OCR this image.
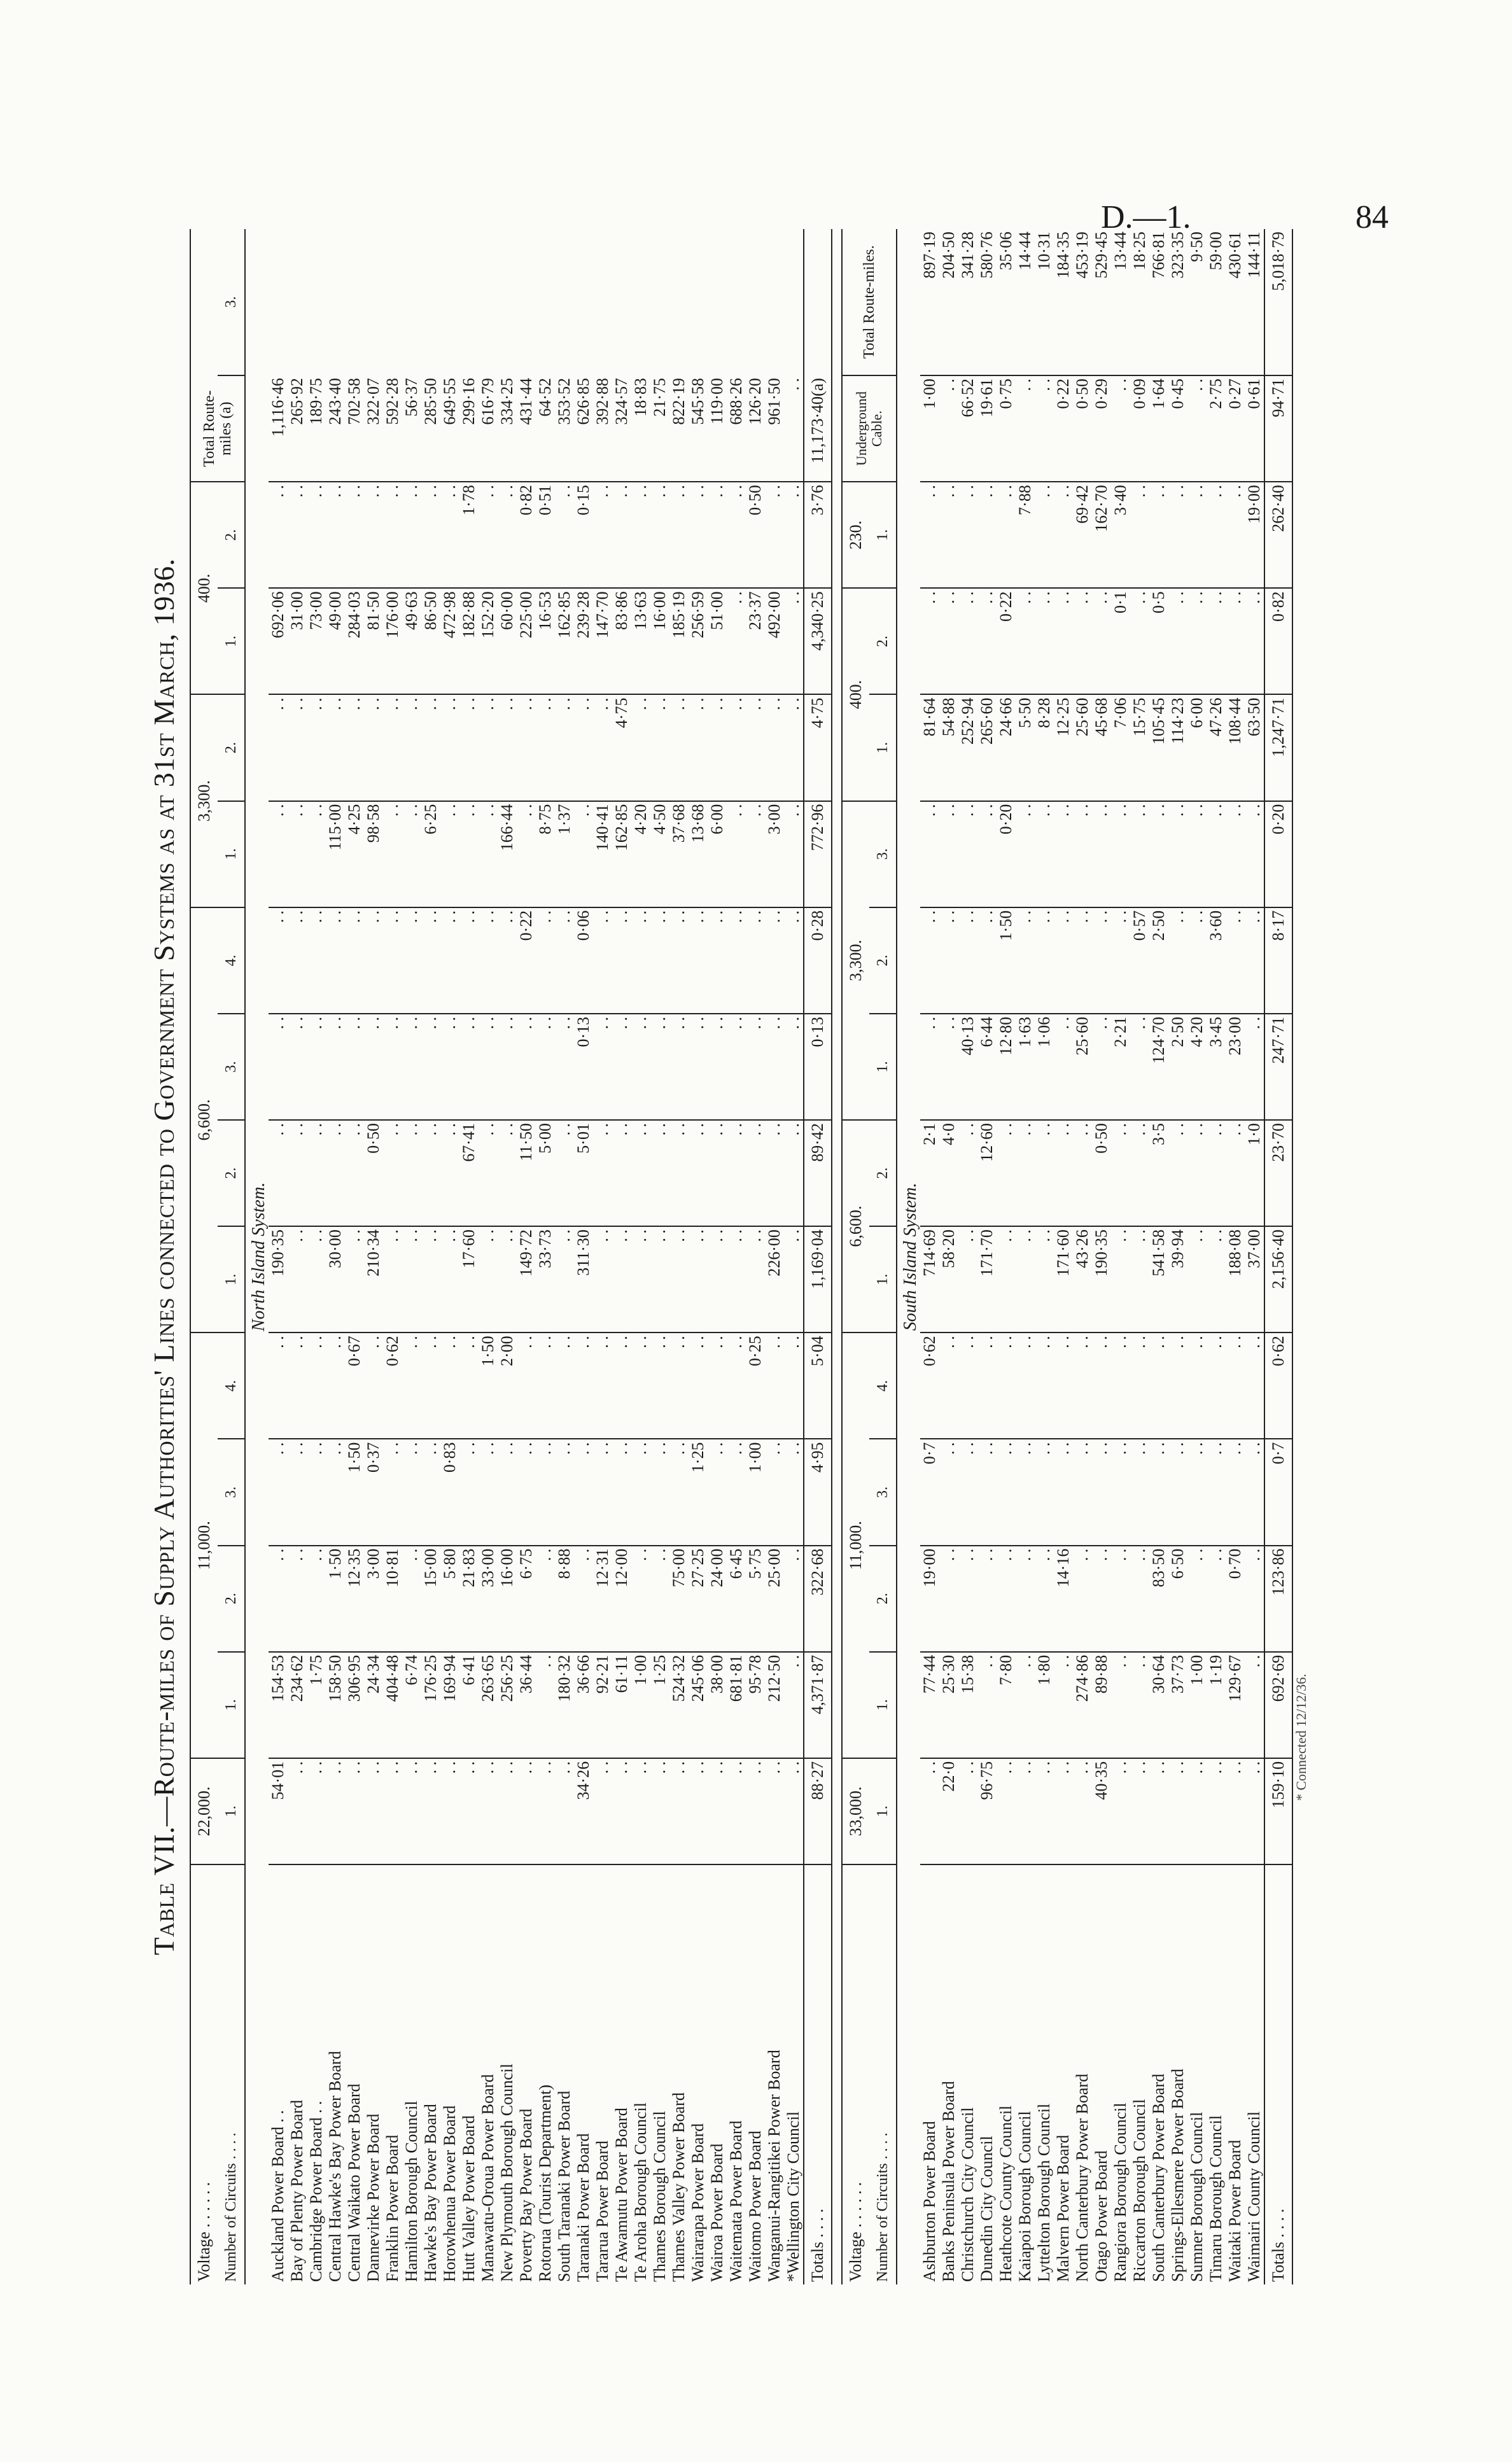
D.—1.	84
Table VII.—Route-miles of Supply Authorities' Lines connected to Government Systems as at 31st March, 1936.
Voltage . . . . . .	22,000.	11,000.				6,600.				3,300.		400.		Total Route-miles (a)	
Number of Circuits . . . .	1.	1.	2.	3.	4.	1.	2.	3.	4.	1.	2.	1.	2.		3.
North Island System.															
Auckland Power Board . .	54·01	154·53	. .	. .	. .	190·35	. .	. .	. .	. .	. .	692·06	. .	1,116·46	
Bay of Plenty Power Board	. .	234·62	. .	. .	. .	. .	. .	. .	. .	. .	. .	31·00	. .	265·92	
Cambridge Power Board . .	. .	1·75	. .	. .	. .	. .	. .	. .	. .	. .	. .	73·00	. .	189·75	
Central Hawke's Bay Power Board	. .	158·50	1·50	. .	. .	30·00	. .	. .	. .	115·00	. .	49·00	. .	243·40	
Central Waikato Power Board	. .	306·95	12·35	1·50	0·67	. .	. .	. .	. .	4·25	. .	284·03	. .	702·58	
Dannevirke Power Board	. .	24·34	3·00	0·37	. .	210·34	0·50	. .	. .	98·58	. .	81·50	. .	322·07	
Franklin Power Board	. .	404·48	10·81	. .	0·62	. .	. .	. .	. .	. .	. .	176·00	. .	592·28	
Hamilton Borough Council	. .	6·74	. .	. .	. .	. .	. .	. .	. .	. .	. .	49·63	. .	56·37	
Hawke's Bay Power Board	. .	176·25	15·00	. .	. .	. .	. .	. .	. .	6·25	. .	86·50	. .	285·50	
Horowhenua Power Board	. .	169·94	5·80	0·83	. .	. .	. .	. .	. .	. .	. .	472·98	. .	649·55	
Hutt Valley Power Board	. .	6·41	21·83	. .	. .	17·60	67·41	. .	. .	. .	. .	182·88	1·78	299·16	
Manawatu-Oroua Power Board	. .	263·65	33·00	. .	1·50	. .	. .	. .	. .	. .	. .	152·20	. .	616·79	
New Plymouth Borough Council	. .	256·25	16·00	. .	2·00	. .	. .	. .	. .	166·44	. .	60·00	. .	334·25	
Poverty Bay Power Board	. .	36·44	6·75	. .	. .	149·72	11·50	. .	0·22	. .	. .	225·00	0·82	431·44	
Rotorua (Tourist Department)	. .	. .	. .	. .	. .	33·73	5·00	. .	. .	8·75	. .	16·53	0·51	64·52	
South Taranaki Power Board	. .	180·32	8·88	. .	. .	. .	. .	. .	. .	1·37	. .	162·85	. .	353·52	
Taranaki Power Board	34·26	36·66	. .	. .	. .	311·30	5·01	0·13	0·06	. .	. .	239·28	0·15	626·85	
Tararua Power Board	. .	92·21	12·31	. .	. .	. .	. .	. .	. .	140·41	. .	147·70	. .	392·88	
Te Awamutu Power Board	. .	61·11	12·00	. .	. .	. .	. .	. .	. .	162·85	4·75	83·86	. .	324·57	
Te Aroha Borough Council	. .	1·00	. .	. .	. .	. .	. .	. .	. .	4·20	. .	13·63	. .	18·83	
Thames Borough Council	. .	1·25	. .	. .	. .	. .	. .	. .	. .	4·50	. .	16·00	. .	21·75	
Thames Valley Power Board	. .	524·32	75·00	. .	. .	. .	. .	. .	. .	37·68	. .	185·19	. .	822·19	
Wairarapa Power Board	. .	245·06	27·25	1·25	. .	. .	. .	. .	. .	13·68	. .	256·59	. .	545·58	
Wairoa Power Board	. .	38·00	24·00	. .	. .	. .	. .	. .	. .	6·00	. .	51·00	. .	119·00	
Waitemata Power Board	. .	681·81	6·45	. .	. .	. .	. .	. .	. .	. .	. .	. .	. .	688·26	
Waitomo Power Board	. .	95·78	5·75	1·00	0·25	. .	. .	. .	. .	. .	. .	23·37	0·50	126·20	
Wanganui-Rangitikei Power Board	. .	212·50	25·00	. .	. .	226·00	. .	. .	. .	3·00	. .	492·00	. .	961·50	
*Wellington City Council	. .	. .	. .	. .	. .	. .	. .	. .	. .	. .	. .	. .	. .	. .	
Totals . . . .	88·27	4,371·87	322·68	4·95	5·04	1,169·04	89·42	0·13	0·28	772·96	4·75	4,340·25	3·76	11,173·40(a)	
Voltage . . . . . .	33,000.	11,000.				6,600.		3,300.			400.		230.	Underground Cable.	Total Route-miles.
Number of Circuits . . . .	1.	1.	2.	3.	4.	1.	2.	1.	2.	3.	1.	2.	1.		
South Island System.															
Ashburton Power Board	. .	77·44	19·00	0·7	0·62	714·69	2·1	. .	. .	. .	81·64	. .	. .	1·00	897·19
Banks Peninsula Power Board	22·0	25·30	. .	. .	. .	58·20	4·0	. .	. .	. .	54·88	. .	. .	. .	204·50
Christchurch City Council	. .	15·38	. .	. .	. .	. .	. .	40·13	. .	. .	252·94	. .	. .	66·52	341·28
Dunedin City Council	96·75	. .	. .	. .	. .	171·70	12·60	6·44	. .	. .	265·60	. .	. .	19·61	580·76
Heathcote County Council	. .	7·80	. .	. .	. .	. .	. .	12·80	1·50	0·20	24·66	0·22	. .	0·75	35·06
Kaiapoi Borough Council	. .	. .	. .	. .	. .	. .	. .	1·63	. .	. .	5·50	. .	7·88	. .	14·44
Lyttelton Borough Council	. .	1·80	. .	. .	. .	. .	. .	1·06	. .	. .	8·28	. .	. .	. .	10·31
Malvern Power Board	. .	. .	14·16	. .	. .	171·60	. .	. .	. .	. .	12·25	. .	. .	0·22	184·35
North Canterbury Power Board	. .	274·86	. .	. .	. .	43·26	. .	25·60	. .	. .	25·60	. .	69·42	0·50	453·19
Otago Power Board	40·35	89·88	. .	. .	. .	190·35	0·50	. .	. .	. .	45·68	. .	162·70	0·29	529·45
Rangiora Borough Council	. .	. .	. .	. .	. .	. .	. .	2·21	. .	. .	7·06	0·1	3·40	. .	13·44
Riccarton Borough Council	. .	. .	. .	. .	. .	. .	. .	. .	0·57	. .	15·75	. .	. .	0·09	18·25
South Canterbury Power Board	. .	30·64	83·50	. .	. .	541·58	3·5	124·70	2·50	. .	105·45	0·5	. .	1·64	766·81
Springs-Ellesmere Power Board	. .	37·73	6·50	. .	. .	39·94	. .	2·50	. .	. .	114·23	. .	. .	0·45	323·35
Sumner Borough Council	. .	1·00	. .	. .	. .	. .	. .	4·20	. .	. .	6·00	. .	. .	. .	9·50
Timaru Borough Council	. .	1·19	. .	. .	. .	. .	. .	3·45	3·60	. .	47·26	. .	. .	2·75	59·00
Waitaki Power Board	. .	129·67	0·70	. .	. .	188·08	. .	23·00	. .	. .	108·44	. .	. .	0·27	430·61
Waimairi County Council	. .	. .	. .	. .	. .	37·00	1·0	. .	. .	. .	63·50	. .	19·00	0·61	144·11
Totals . . . .	159·10	692·69	123·86	0·7	0·62	2,156·40	23·70	247·71	8·17	0·20	1,247·71	0·82	262·40	94·71	5,018·79
* Connected 12/12/36.
